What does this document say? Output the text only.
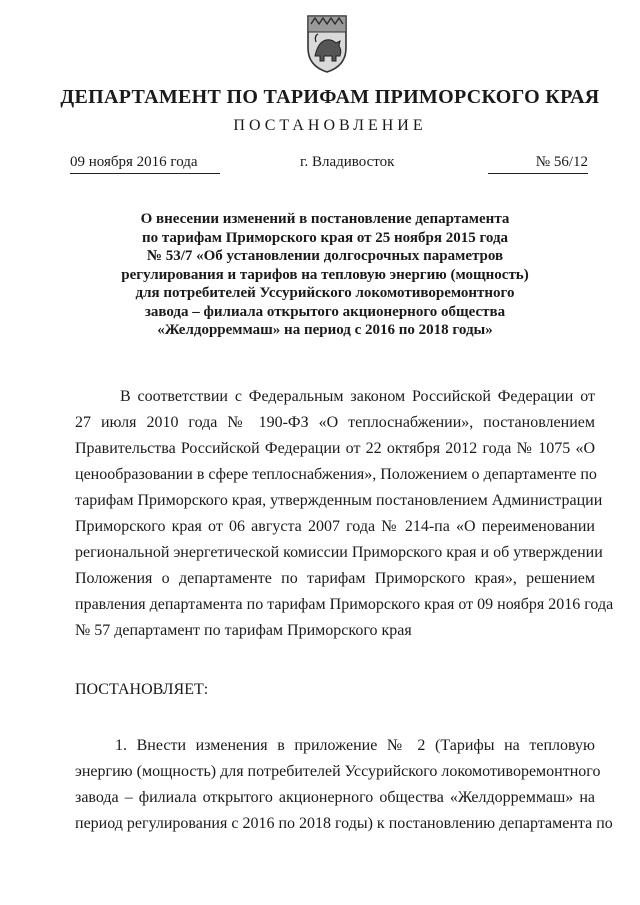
ДЕПАРТАМЕНТ ПО ТАРИФАМ ПРИМОРСКОГО КРАЯ
ПОСТАНОВЛЕНИЕ
09 ноября 2016 года	г. Владивосток	№ 56/12
О внесении изменений в постановление департамента
по тарифам Приморского края от 25 ноября 2015 года
№ 53/7 «Об установлении долгосрочных параметров
регулирования и тарифов на тепловую энергию (мощность)
для потребителей Уссурийского локомотиворемонтного
завода – филиала открытого акционерного общества
«Желдорреммаш» на период с 2016 по 2018 годы»
В соответствии с Федеральным законом Российской Федерации от
27 июля 2010 года № 190-ФЗ «О теплоснабжении», постановлением
Правительства Российской Федерации от 22 октября 2012 года № 1075 «О
ценообразовании в сфере теплоснабжения», Положением о департаменте по
тарифам Приморского края, утвержденным постановлением Администрации
Приморского края от 06 августа 2007 года № 214-па «О переименовании
региональной энергетической комиссии Приморского края и об утверждении
Положения о департаменте по тарифам Приморского края», решением
правления департамента по тарифам Приморского края от 09 ноября 2016 года
№ 57 департамент по тарифам Приморского края
ПОСТАНОВЛЯЕТ:
1. Внести изменения в приложение № 2 (Тарифы на тепловую
энергию (мощность) для потребителей Уссурийского локомотиворемонтного
завода – филиала открытого акционерного общества «Желдорреммаш» на
период регулирования с 2016 по 2018 годы) к постановлению департамента по
